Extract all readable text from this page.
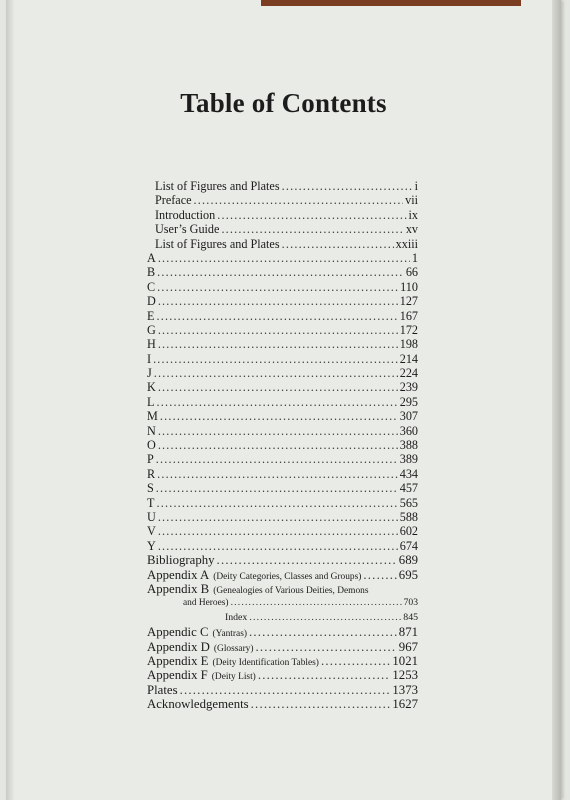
Table of Contents
List of Figures and Plates .....	i
Preface .....	vii
Introduction .....	ix
User’s Guide .....	xv
List of Figures and Plates .....	xxiii
A .....	1
B .....	66
C .....	110
D .....	127
E .....	167
G .....	172
H .....	198
I .....	214
J .....	224
K .....	239
L .....	295
M .....	307
N .....	360
O .....	388
P .....	389
R .....	434
S .....	457
T .....	565
U .....	588
V .....	602
Y .....	674
Bibliography .....	689
Appendix A (Deity Categories, Classes and Groups) .....	695
Appendix B (Genealogies of Various Deities, Demons
and Heroes) .....	703
Index .....	845
Appendic C (Yantras) .....	871
Appendix D (Glossary) .....	967
Appendix E (Deity Identification Tables) .....	1021
Appendix F (Deity List) .....	1253
Plates .....	1373
Acknowledgements .....	1627
